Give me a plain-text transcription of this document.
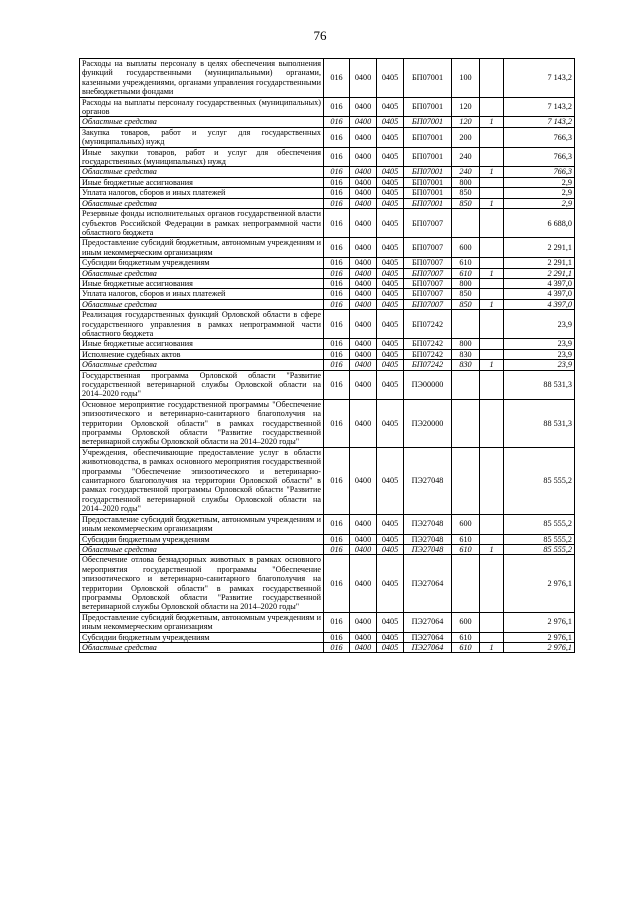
76
Расходы на выплаты персоналу в целях обеспечения выполнения функций государственными (муниципальными) органами, казенными учреждениями, органами управления государственными внебюджетными фондами	016	0400	0405	БП07001	100		7 143,2
Расходы на выплаты персоналу государственных (муниципальных) органов	016	0400	0405	БП07001	120		7 143,2
Областные средства	016	0400	0405	БП07001	120	1	7 143,2
Закупка товаров, работ и услуг для государственных (муниципальных) нужд	016	0400	0405	БП07001	200		766,3
Иные закупки товаров, работ и услуг для обеспечения государственных (муниципальных) нужд	016	0400	0405	БП07001	240		766,3
Областные средства	016	0400	0405	БП07001	240	1	766,3
Иные бюджетные ассигнования	016	0400	0405	БП07001	800		2,9
Уплата налогов, сборов и иных платежей	016	0400	0405	БП07001	850		2,9
Областные средства	016	0400	0405	БП07001	850	1	2,9
Резервные фонды исполнительных органов государственной власти субъектов Российской Федерации в рамках непрограммной части областного бюджета	016	0400	0405	БП07007			6 688,0
Предоставление субсидий бюджетным, автономным учреждениям и иным некоммерческим организациям	016	0400	0405	БП07007	600		2 291,1
Субсидии бюджетным учреждениям	016	0400	0405	БП07007	610		2 291,1
Областные средства	016	0400	0405	БП07007	610	1	2 291,1
Иные бюджетные ассигнования	016	0400	0405	БП07007	800		4 397,0
Уплата налогов, сборов и иных платежей	016	0400	0405	БП07007	850		4 397,0
Областные средства	016	0400	0405	БП07007	850	1	4 397,0
Реализация государственных функций Орловской области в сфере государственного управления в рамках непрограммной части областного бюджета	016	0400	0405	БП07242			23,9
Иные бюджетные ассигнования	016	0400	0405	БП07242	800		23,9
Исполнение судебных актов	016	0400	0405	БП07242	830		23,9
Областные средства	016	0400	0405	БП07242	830	1	23,9
Государственная программа Орловской области "Развитие государственной ветеринарной службы Орловской области на 2014–2020 годы"	016	0400	0405	ПЭ00000			88 531,3
Основное мероприятие государственной программы "Обеспечение эпизоотического и ветеринарно-санитарного благополучия на территории Орловской области" в рамках государственной программы Орловской области "Развитие государственной ветеринарной службы Орловской области на 2014–2020 годы"	016	0400	0405	ПЭ20000			88 531,3
Учреждения, обеспечивающие предоставление услуг в области животноводства, в рамках основного мероприятия государственной программы "Обеспечение эпизоотического и ветеринарно-санитарного благополучия на территории Орловской области" в рамках государственной программы Орловской области "Развитие государственной ветеринарной службы Орловской области на 2014–2020 годы"	016	0400	0405	ПЭ27048			85 555,2
Предоставление субсидий бюджетным, автономным учреждениям и иным некоммерческим организациям	016	0400	0405	ПЭ27048	600		85 555,2
Субсидии бюджетным учреждениям	016	0400	0405	ПЭ27048	610		85 555,2
Областные средства	016	0400	0405	ПЭ27048	610	1	85 555,2
Обеспечение отлова безнадзорных животных в рамках основного мероприятия государственной программы "Обеспечение эпизоотического и ветеринарно-санитарного благополучия на территории Орловской области" в рамках государственной программы Орловской области "Развитие государственной ветеринарной службы Орловской области на 2014–2020 годы"	016	0400	0405	ПЭ27064			2 976,1
Предоставление субсидий бюджетным, автономным учреждениям и иным некоммерческим организациям	016	0400	0405	ПЭ27064	600		2 976,1
Субсидии бюджетным учреждениям	016	0400	0405	ПЭ27064	610		2 976,1
Областные средства	016	0400	0405	ПЭ27064	610	1	2 976,1
